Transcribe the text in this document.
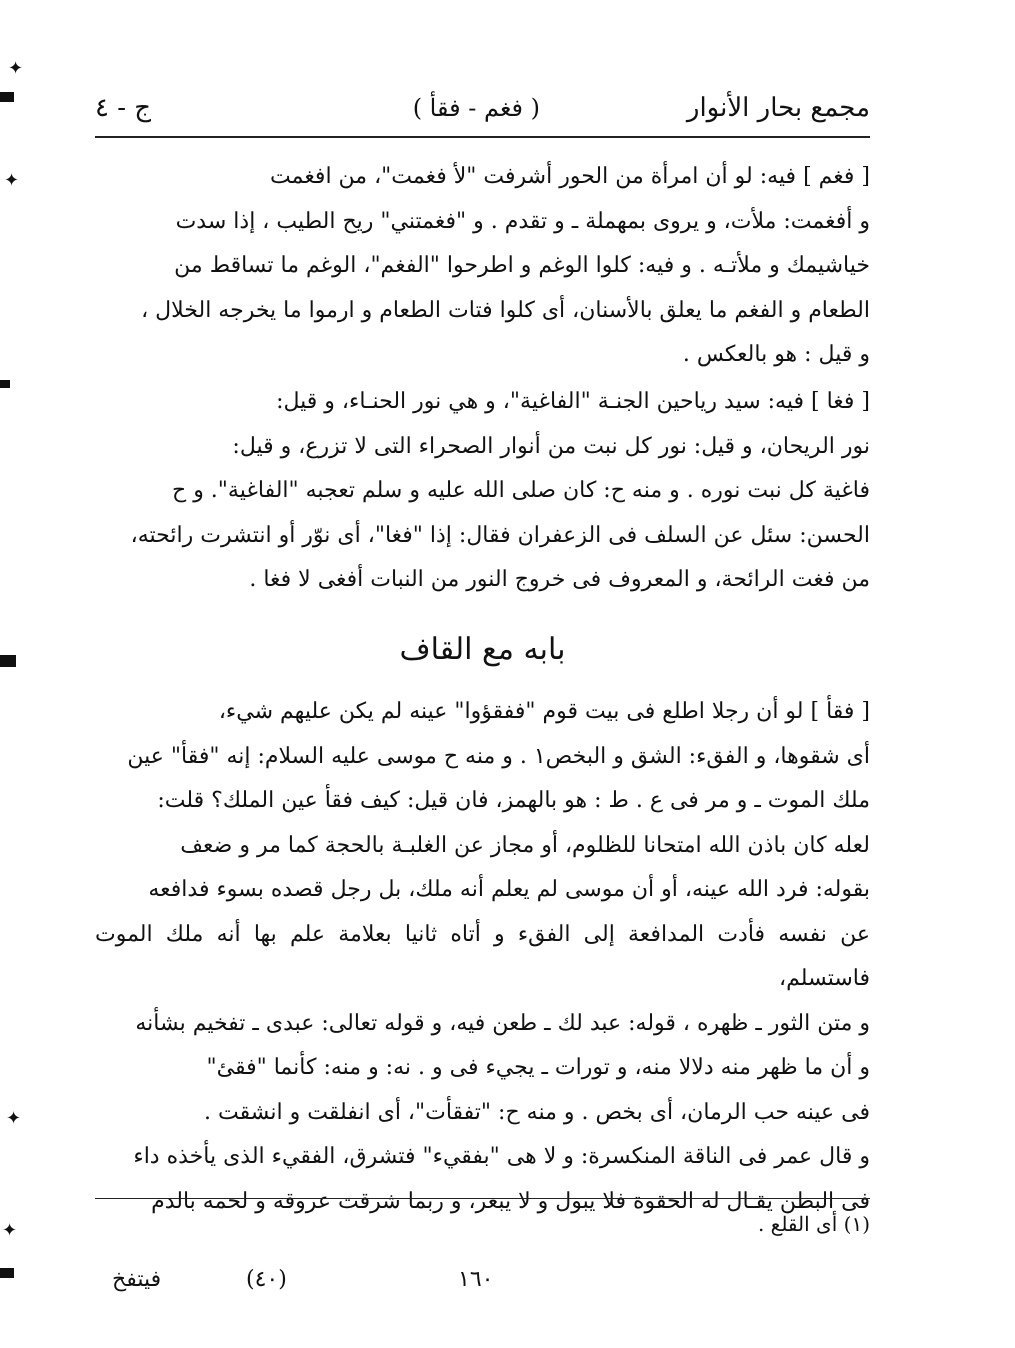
مجمع بحار الأنوار
( فغم - فقأ )
ج - ٤
[ فغم ] فيه: لو أن امرأة من الحور أشرفت "لأ فغمت"، من افغمت
و أفغمت: ملأت، و يروى بمهملة ـ و تقدم . و "فغمتني" ريح الطيب ، إذا سدت
خياشيمك و ملأتـه . و فيه: كلوا الوغم و اطرحوا "الفغم"، الوغم ما تساقط من
الطعام و الفغم ما يعلق بالأسنان، أى كلوا فتات الطعام و ارموا ما يخرجه الخلال ،
و قيل : هو بالعكس .
[ فغا ] فيه: سيد رياحين الجنـة "الفاغية"، و هي نور الحنـاء، و قيل:
نور الريحان، و قيل: نور كل نبت من أنوار الصحراء التى لا تزرع، و قيل:
فاغية كل نبت نوره . و منه ح: كان صلى الله عليه و سلم تعجبه "الفاغية". و ح
الحسن: سئل عن السلف فى الزعفران فقال: إذا "فغا"، أى نوّر أو انتشرت رائحته،
من فغت الرائحة، و المعروف فى خروج النور من النبات أفغى لا فغا .
بابه مع القاف
[ فقأ ] لو أن رجلا اطلع فى بيت قوم "ففقؤوا" عينه لم يكن عليهم شيء،
أى شقوها، و الفقء: الشق و البخص١ . و منه ح موسى عليه السلام: إنه "فقأ" عين
ملك الموت ـ و مر فى ع . ط : هو بالهمز، فان قيل: كيف فقأ عين الملك؟ قلت:
لعله كان باذن الله امتحانا للظلوم، أو مجاز عن الغلبـة بالحجة كما مر و ضعف
بقوله: فرد الله عينه، أو أن موسى لم يعلم أنه ملك، بل رجل قصده بسوء فدافعه
عن نفسه فأدت المدافعة إلى الفقء و أتاه ثانيا بعلامة علم بها أنه ملك الموت فاستسلم،
و متن الثور ـ ظهره ، قوله: عبد لك ـ طعن فيه، و قوله تعالى: عبدى ـ تفخيم بشأنه
و أن ما ظهر منه دلالا منه، و تورات ـ يجيء فى و . نه: و منه: كأنما "فقئ"
فى عينه حب الرمان، أى بخص . و منه ح: "تفقأت"، أى انفلقت و انشقت .
و قال عمر فى الناقة المنكسرة: و لا هى "بفقيء" فتشرق، الفقيء الذى يأخذه داء
فى البطن يقـال له الحقوة فلا يبول و لا يبعر، و ربما شرقت عروقه و لحمه بالدم
(١) أى القلع .
١٦٠
(٤٠)
فيتفخ
✦
✦
✦
✦
